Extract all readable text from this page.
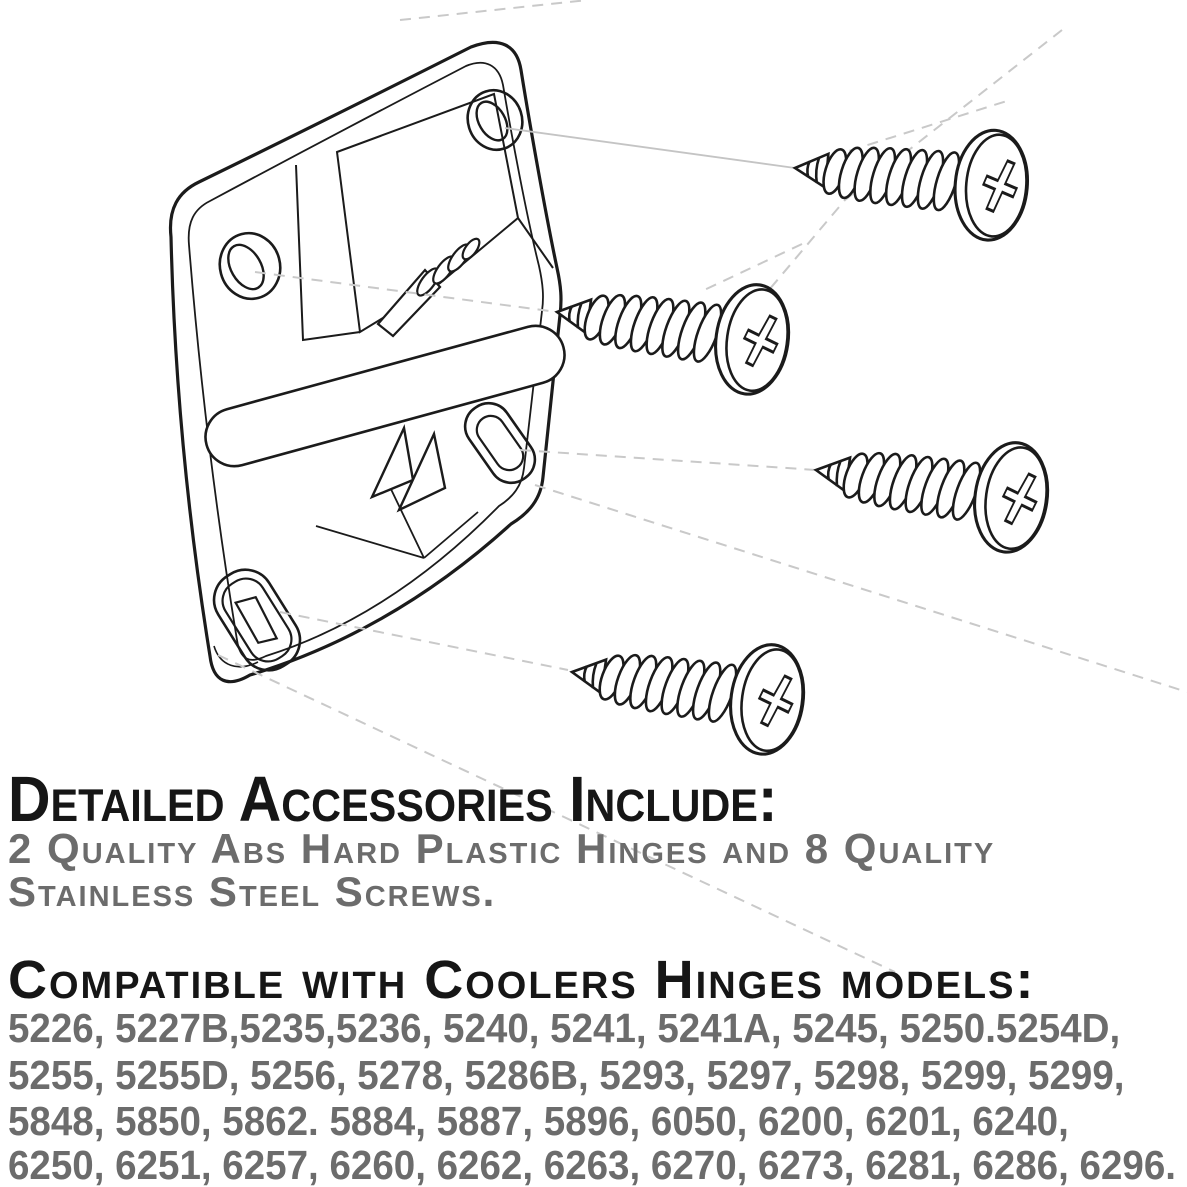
Detailed Accessories Include:
2 Quality Abs Hard Plastic Hinges and 8 Quality
Stainless Steel Screws.
Compatible with Coolers Hinges models:
5226, 5227B,5235,5236, 5240, 5241, 5241A, 5245, 5250.5254D,
5255, 5255D, 5256, 5278, 5286B, 5293, 5297, 5298, 5299, 5299,
5848, 5850, 5862. 5884, 5887, 5896, 6050, 6200, 6201, 6240,
6250, 6251, 6257, 6260, 6262, 6263, 6270, 6273, 6281, 6286, 6296.
